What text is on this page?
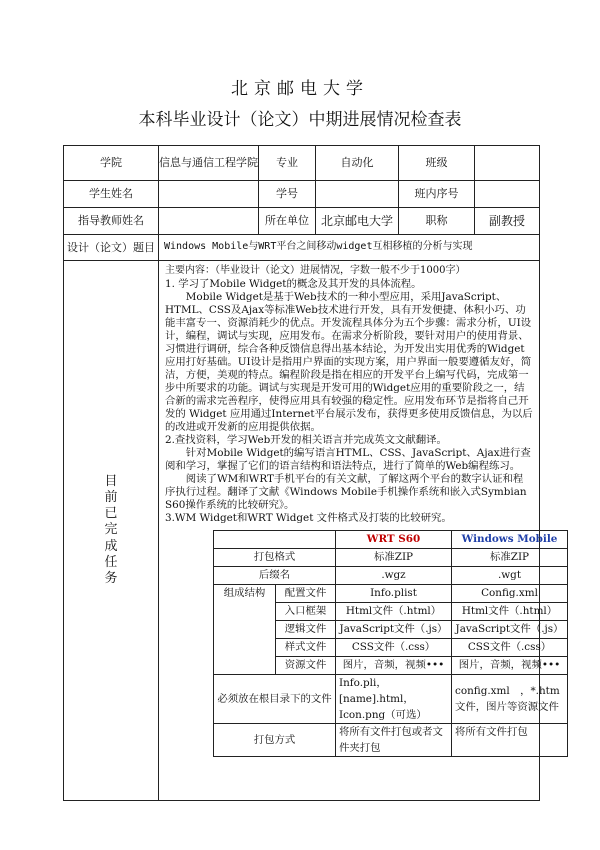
北京邮电大学
本科毕业设计（论文）中期进展情况检查表
学院	信息与通信工程学院	专业	自动化	班级	
学生姓名		学号		班内序号	
指导教师姓名		所在单位	北京邮电大学	职称	副教授
设计（论文）题目	Windows Mobile与WRT平台之间移动widget互相移植的分析与实现

目
前
已
完
成
任
务

主要内容：（毕业设计（论文）进展情况，字数一般不少于1000字）

1. 学习了Mobile Widget的概念及其开发的具体流程。

Mobile Widget是基于Web技术的一种小型应用，采用JavaScript、HTML、CSS及Ajax等标准Web技术进行开发，具有开发便捷、体积小巧、功能丰富专一、资源消耗少的优点。开发流程具体分为五个步骤：需求分析，UI设计，编程，调试与实现，应用发布。在需求分析阶段，要针对用户的使用背景、习惯进行调研，综合各种反馈信息得出基本结论，为开发出实用优秀的Widget应用打好基础。UI设计是指用户界面的实现方案，用户界面一般要遵循友好，简洁，方便，美观的特点。编程阶段是指在相应的开发平台上编写代码，完成第一步中所要求的功能。调试与实现是开发可用的Widget应用的重要阶段之一，结合新的需求完善程序，使得应用具有较强的稳定性。应用发布环节是指将自己开发的 Widget 应用通过Internet平台展示发布，获得更多使用反馈信息，为以后的改进或开发新的应用提供依据。

2.查找资料，学习Web开发的相关语言并完成英文文献翻译。

针对Mobile Widget的编写语言HTML、CSS、JavaScript、Ajax进行查阅和学习，掌握了它们的语言结构和语法特点，进行了简单的Web编程练习。

阅读了WM和WRT手机平台的有关文献，了解这两个平台的数字认证和程序执行过程。翻译了文献《Windows Mobile手机操作系统和嵌入式Symbian S60操作系统的比较研究》。

3.WM Widget和WRT Widget 文件格式及打装的比较研究。

	WRT S60	Windows Mobile
打包格式	标准ZIP	标准ZIP
后缀名	.wgz	.wgt
组成结构	配置文件	Info.plist	Config.xml
入口框架	Html文件（.html）	Html文件（.html）
逻辑文件	JavaScript文件（.js）	JavaScript文件（.js）
样式文件	CSS文件（.css）	CSS文件（.css）
资源文件	图片，音频，视频•••	图片，音频，视频•••
必须放在根目录下的文件	Info.pli，[name].html，Icon.png（可选）	config.xml　，*.htm 文件，图片等资源文件
打包方式	将所有文件打包或者文件夹打包	将所有文件打包
